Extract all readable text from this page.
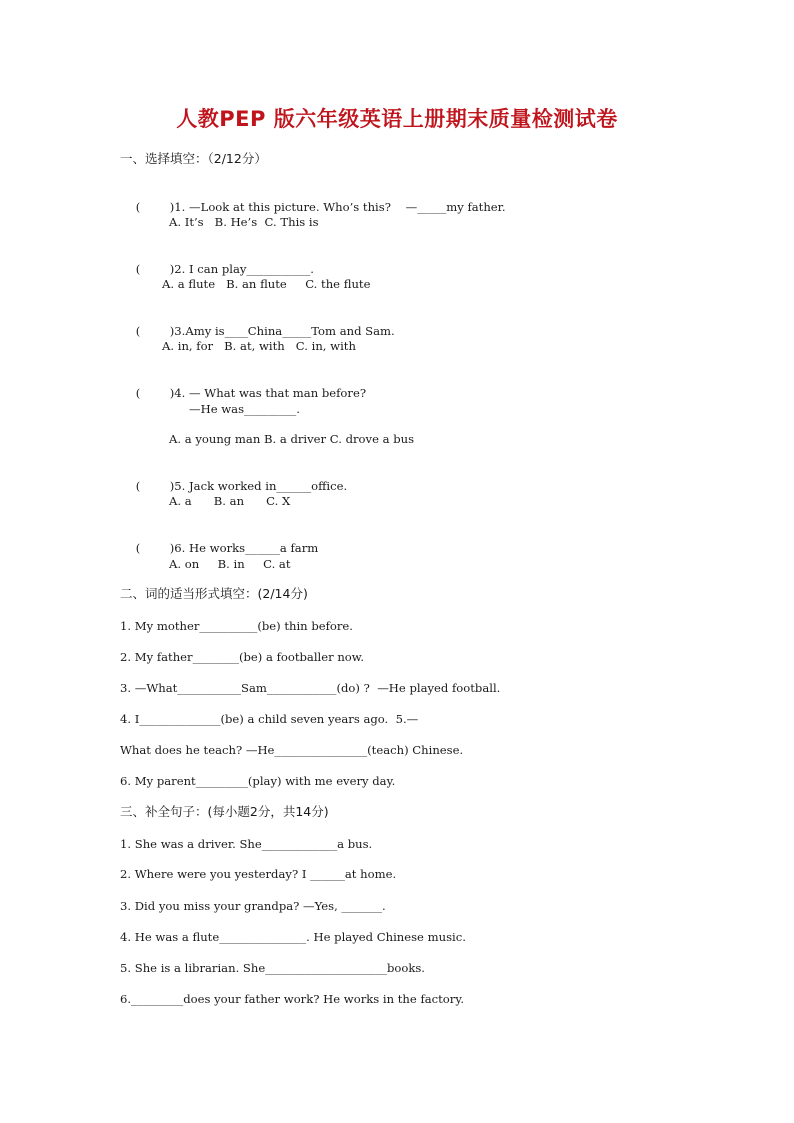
人教PEP 版六年级英语上册期末质量检测试卷
一、选择填空：（2/12分）

(	)1. —Look at this picture. Who’s this?    —_____my father.

A. It’s   B. He’s  C. This is

(	)2. I can play___________.

A. a flute   B. an flute     C. the flute

(	)3.Amy is____China_____Tom and Sam.

A. in, for   B. at, with   C. in, with

(	)4. — What was that man before?

—He was_________.
A. a young man B. a driver C. drove a bus

(	)5. Jack worked in______office.

A. a      B. an      C. X

(	)6. He works______a farm

A. on     B. in     C. at
二、词的适当形式填空：(2/14分)
1. My mother__________(be) thin before.
2. My father________(be) a footballer now.
3. —What___________Sam____________(do) ?  —He played football.
4. I______________(be) a child seven years ago.  5.—
What does he teach? —He________________(teach) Chinese.
6. My parent_________(play) with me every day.
三、补全句子：(每小题2分，共14分)
1. She was a driver. She_____________a bus.
2. Where were you yesterday? I ______at home.
3. Did you miss your grandpa? —Yes, _______.
4. He was a flute_______________. He played Chinese music.
5. She is a librarian. She_____________________books.
6._________does your father work? He works in the factory.
